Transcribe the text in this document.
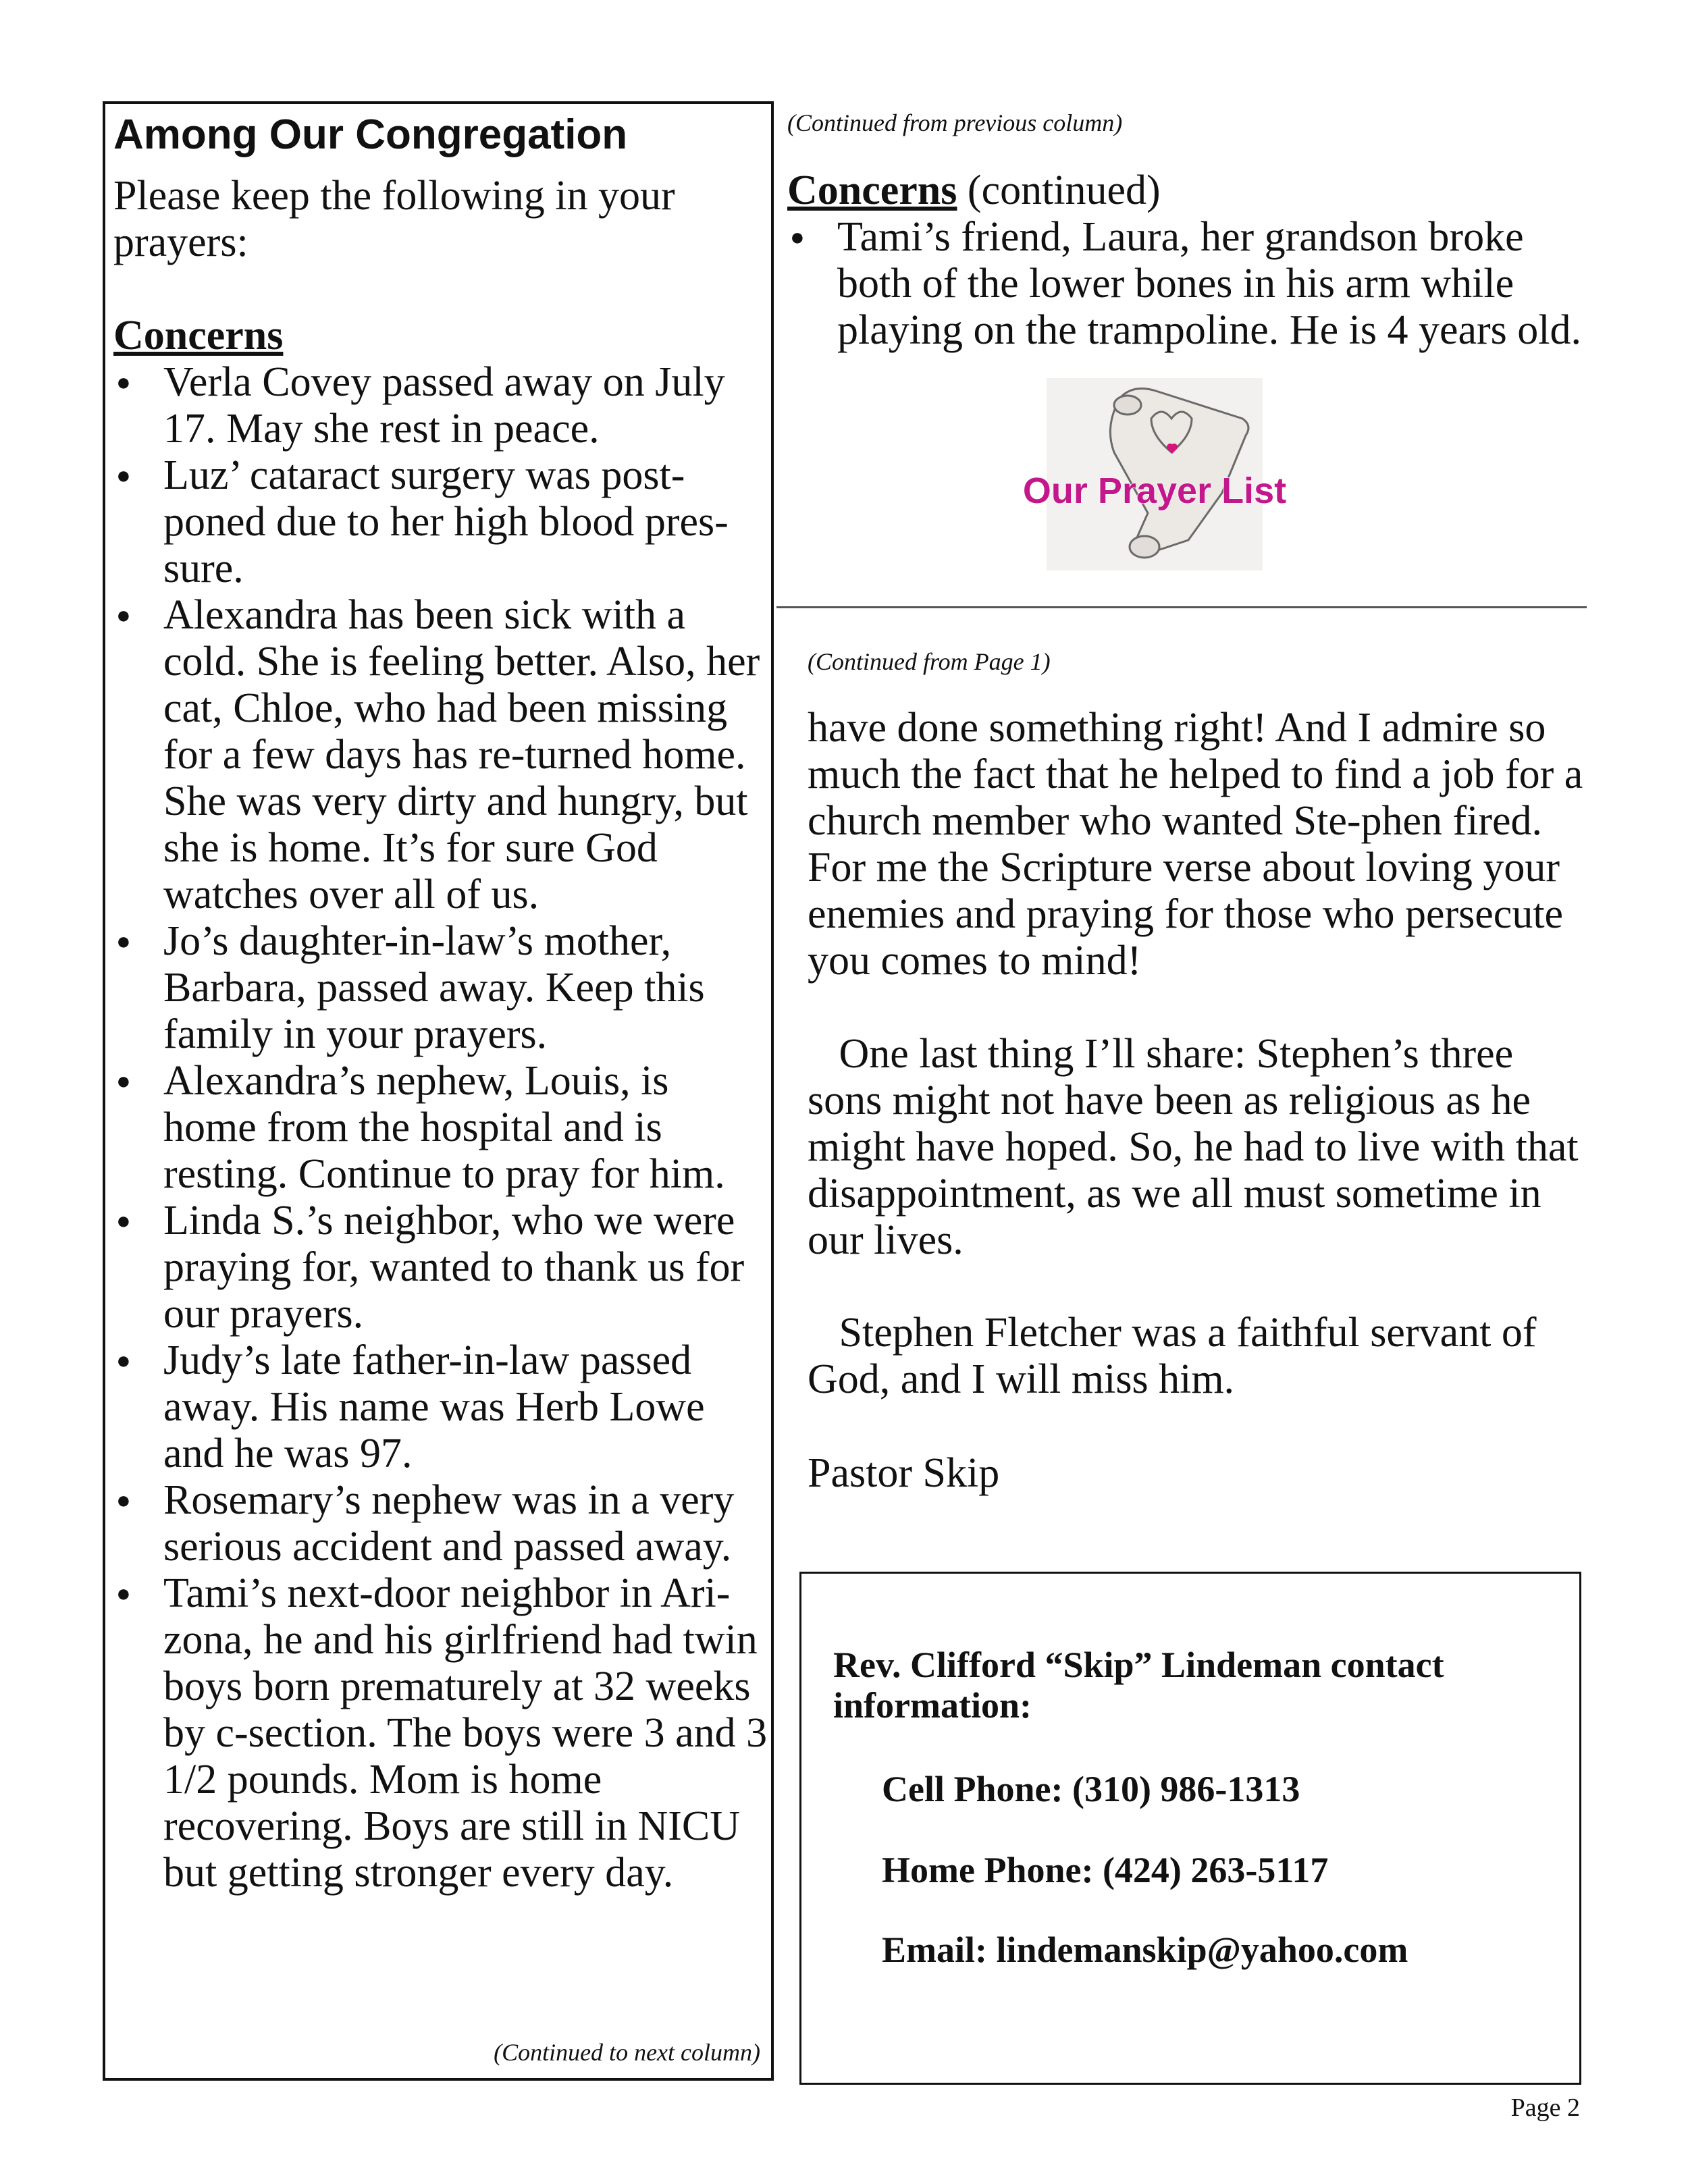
Among Our Congregation

Please keep the following in your prayers:

Concerns

● Verla Covey passed away on July 17. May she rest in peace.
● Luz’ cataract surgery was post-poned due to her high blood pres-sure.
● Alexandra has been sick with a cold. She is feeling better. Also, her cat, Chloe, who had been missing for a few days has re-turned home. She was very dirty and hungry, but she is home. It’s for sure God watches over all of us.
● Jo’s daughter-in-law’s mother, Barbara, passed away. Keep this family in your prayers.
● Alexandra’s nephew, Louis, is home from the hospital and is resting. Continue to pray for him.
● Linda S.’s neighbor, who we were praying for, wanted to thank us for our prayers.
● Judy’s late father-in-law passed away. His name was Herb Lowe and he was 97.
● Rosemary’s nephew was in a very serious accident and passed away.
● Tami’s next-door neighbor in Ari-zona, he and his girlfriend had twin boys born prematurely at 32 weeks by c-section. The boys were 3 and 3 1/2 pounds. Mom is home recovering. Boys are still in NICU but getting stronger every day.
(Continued to next column)
(Continued from previous column)

Concerns (continued)

● Tami’s friend, Laura, her grandson broke both of the lower bones in his arm while playing on the trampoline. He is 4 years old.
Our Prayer List
(Continued from Page 1)

have done something right! And I admire so much the fact that he helped to find a job for a church member who wanted Ste-phen fired. For me the Scripture verse about loving your enemies and praying for those who persecute you comes to mind!

One last thing I’ll share: Stephen’s three sons might not have been as religious as he might have hoped. So, he had to live with that disappointment, as we all must sometime in our lives.

Stephen Fletcher was a faithful servant of God, and I will miss him.

Pastor Skip

Rev. Clifford “Skip” Lindeman contact information:

Cell Phone: (310) 986-1313
Home Phone: (424) 263-5117
Email: lindemanskip@yahoo.com
Page 2
